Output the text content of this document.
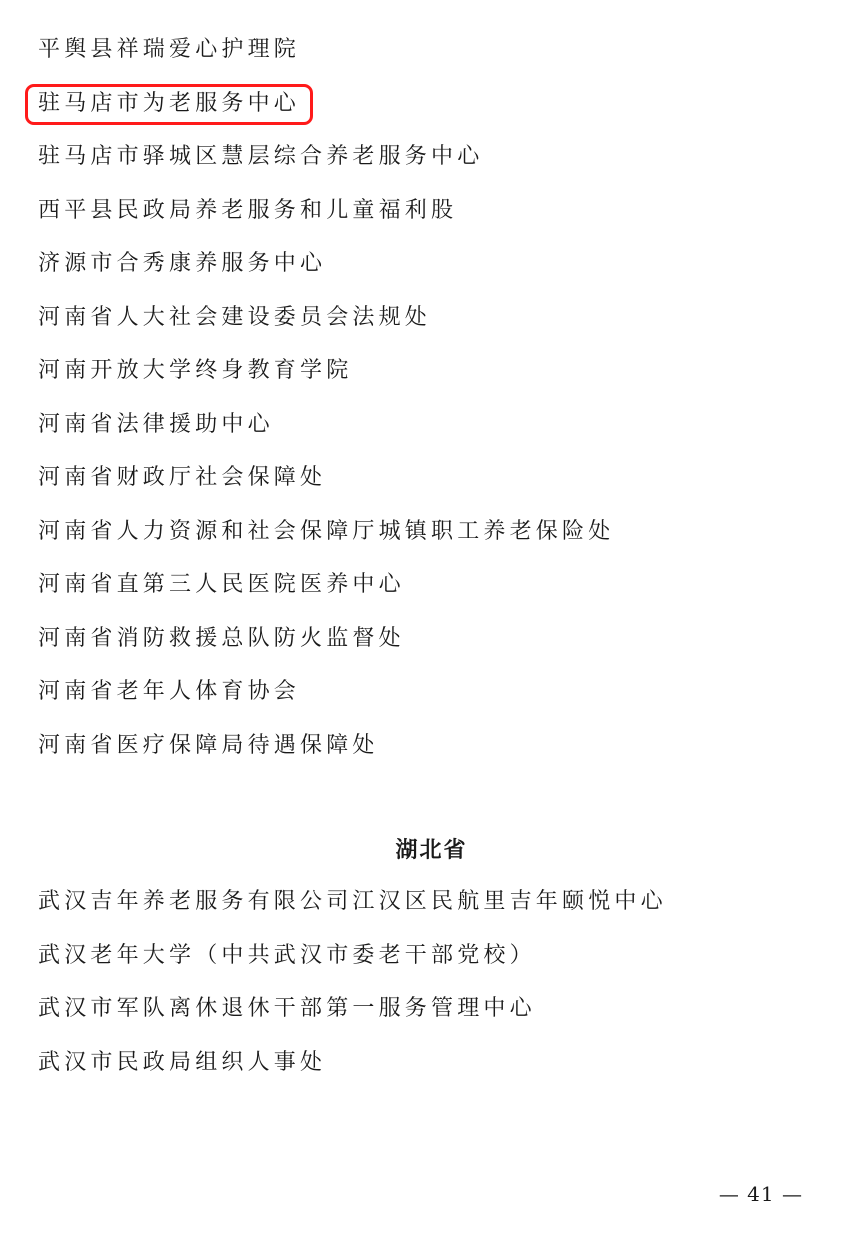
平舆县祥瑞爱心护理院
驻马店市为老服务中心
驻马店市驿城区慧层综合养老服务中心
西平县民政局养老服务和儿童福利股
济源市合秀康养服务中心
河南省人大社会建设委员会法规处
河南开放大学终身教育学院
河南省法律援助中心
河南省财政厅社会保障处
河南省人力资源和社会保障厅城镇职工养老保险处
河南省直第三人民医院医养中心
河南省消防救援总队防火监督处
河南省老年人体育协会
河南省医疗保障局待遇保障处
湖北省
武汉吉年养老服务有限公司江汉区民航里吉年颐悦中心
武汉老年大学（中共武汉市委老干部党校）
武汉市军队离休退休干部第一服务管理中心
武汉市民政局组织人事处
— 41 —
